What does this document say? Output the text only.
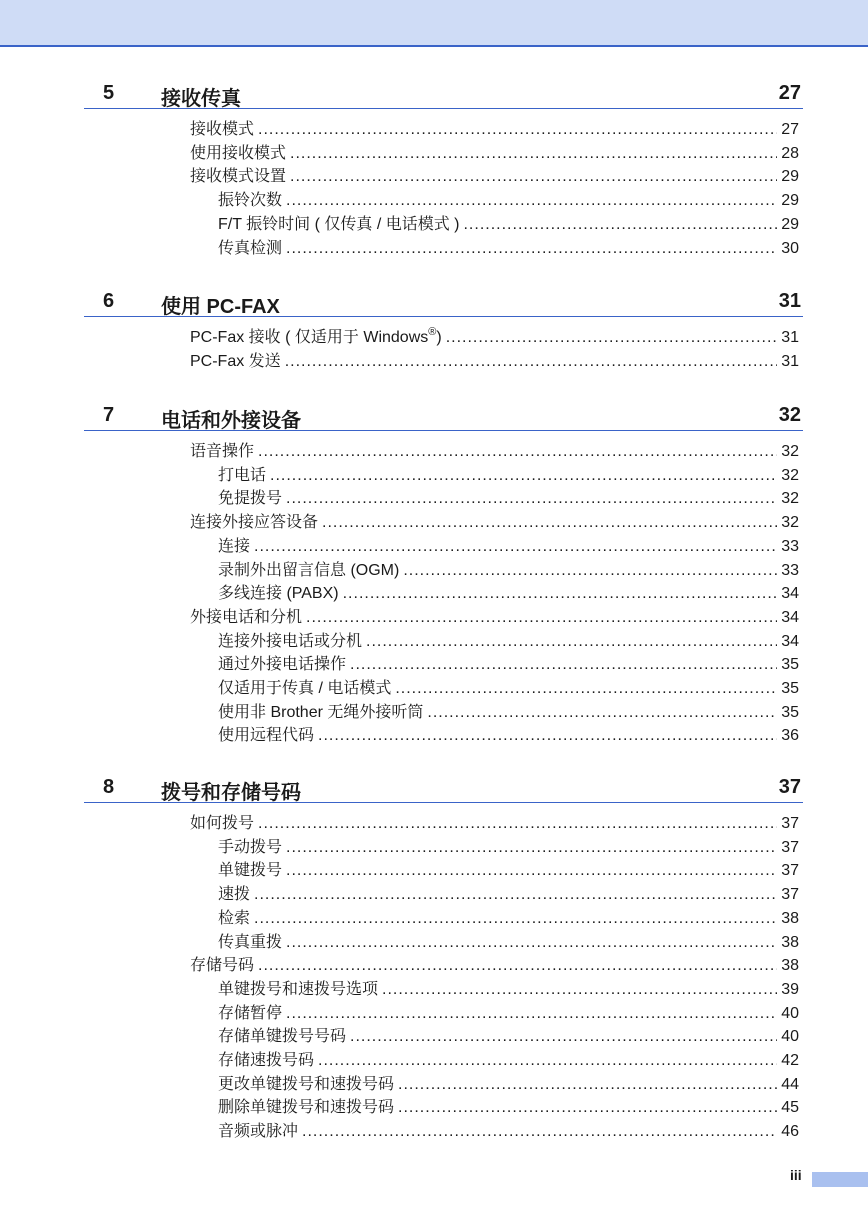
5 接收传真	27
接收模式 .....	27
使用接收模式 .....	28
接收模式设置 .....	29
振铃次数 .....	29
F/T 振铃时间 ( 仅传真 / 电话模式 ) .....	29
传真检测 .....	30
6 使用 PC-FAX	31
PC-Fax 接收 ( 仅适用于 Windows®) .....	31
PC-Fax 发送 .....	31
7 电话和外接设备	32
语音操作 .....	32
打电话 .....	32
免提拨号 .....	32
连接外接应答设备 .....	32
连接 .....	33
录制外出留言信息 (OGM) .....	33
多线连接 (PABX) .....	34
外接电话和分机 .....	34
连接外接电话或分机 .....	34
通过外接电话操作 .....	35
仅适用于传真 / 电话模式 .....	35
使用非 Brother 无绳外接听筒 .....	35
使用远程代码 .....	36
8 拨号和存储号码	37
如何拨号 .....	37
手动拨号 .....	37
单键拨号 .....	37
速拨 .....	37
检索 .....	38
传真重拨 .....	38
存储号码 .....	38
单键拨号和速拨号选项 .....	39
存储暂停 .....	40
存储单键拨号号码 .....	40
存储速拨号码 .....	42
更改单键拨号和速拨号码 .....	44
删除单键拨号和速拨号码 .....	45
音频或脉冲 .....	46
iii
